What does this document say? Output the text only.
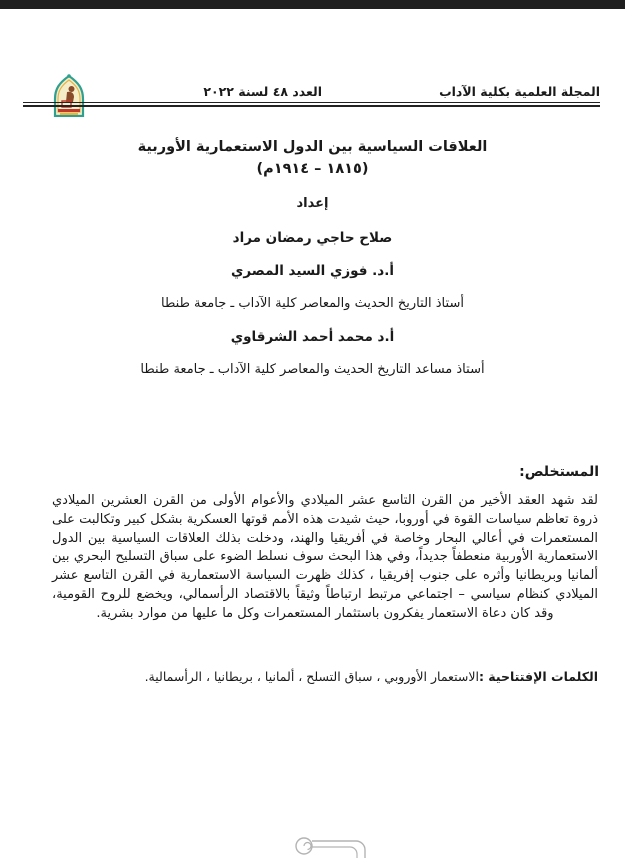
المجلة العلمية بكلية الآداب
العدد ٤٨ لسنة ٢٠٢٢
العلاقات السياسية بين الدول الاستعمارية الأوربية
(١٨١٥ – ١٩١٤م)
إعداد
صلاح حاجي رمضان مراد
أ.د. فوزي السيد المصري
أستاذ التاريخ الحديث والمعاصر كلية الآداب ـ جامعة طنطا
أ.د محمد أحمد الشرقاوي
أستاذ مساعد التاريخ الحديث والمعاصر كلية الآداب ـ جامعة طنطا
المستخلص:

لقد شهد العقد الأخير من القرن التاسع عشر الميلادي والأعوام الأولى من القرن العشرين الميلادي ذروة تعاظم سياسات القوة في أوروبا، حيث شيدت هذه الأمم قوتها العسكرية بشكل كبير وتكالبت على المستعمرات في أعالي البحار وخاصة في أفريقيا والهند، ودخلت بذلك العلاقات السياسية بين الدول الاستعمارية الأوربية منعطفاً جديداً، وفي هذا البحث سوف نسلط الضوء على سباق التسليح البحري بين ألمانيا وبريطانيا وأثره على جنوب إفريقيا ، كذلك ظهرت السياسة الاستعمارية في القرن التاسع عشر الميلادي كنظام سياسي – اجتماعي مرتبط ارتباطاً وثيقاً بالاقتصاد الرأسمالي، ويخضع للروح القومية، وقد كان دعاة الاستعمار يفكرون باستثمار المستعمرات وكل ما عليها من موارد بشرية.

الكلمات الإفتتاحية :الاستعمار الأوروبي ، سباق التسلح ، ألمانيا ، بريطانيا ، الرأسمالية.
